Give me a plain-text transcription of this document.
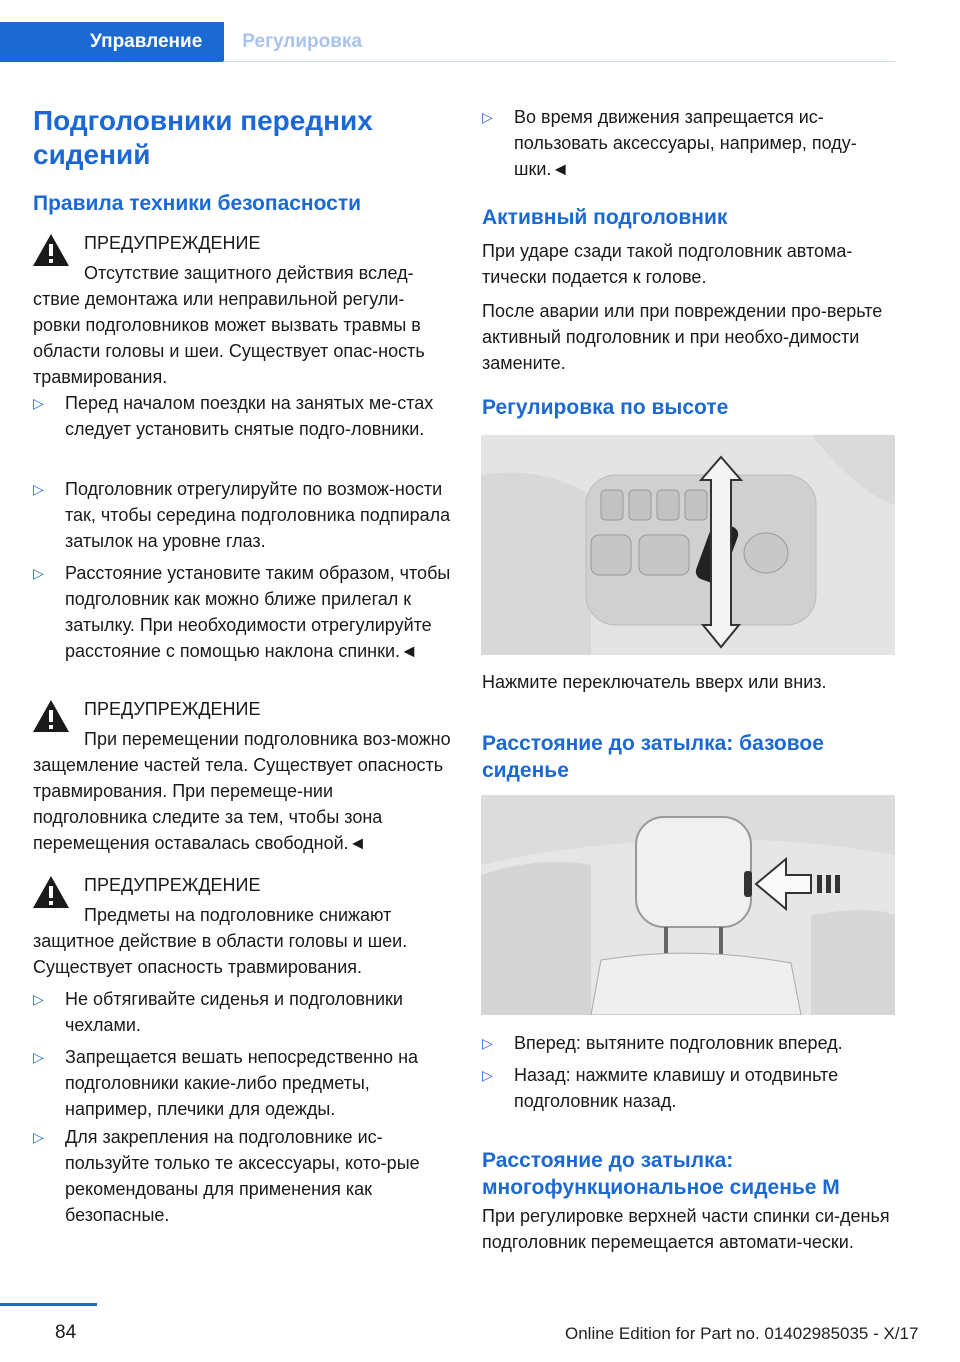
Управление	Регулировка
Подголовники передних сидений
Правила техники безопасности
ПРЕДУПРЕЖДЕНИЕ
Отсутствие защитного действия вслед-ствие демонтажа или неправильной регули-ровки подголовников может вызвать травмы в области головы и шеи. Существует опас-ность травмирования.
▷ Перед началом поездки на занятых ме-стах следует установить снятые подго-ловники.
▷ Подголовник отрегулируйте по возмож-ности так, чтобы середина подголовника подпирала затылок на уровне глаз.
▷ Расстояние установите таким образом, чтобы подголовник как можно ближе прилегал к затылку. При необходимости отрегулируйте расстояние с помощью наклона спинки.◄
ПРЕДУПРЕЖДЕНИЕ
При перемещении подголовника воз-можно защемление частей тела. Существует опасность травмирования. При перемеще-нии подголовника следите за тем, чтобы зона перемещения оставалась свободной.◄
ПРЕДУПРЕЖДЕНИЕ
Предметы на подголовнике снижают защитное действие в области головы и шеи. Существует опасность травмирования.
▷ Не обтягивайте сиденья и подголовники чехлами.
▷ Запрещается вешать непосредственно на подголовники какие-либо предметы, например, плечики для одежды.
▷ Для закрепления на подголовнике ис-пользуйте только те аксессуары, кото-рые рекомендованы для применения как безопасные.
▷ Во время движения запрещается ис-пользовать аксессуары, например, поду-шки.◄
Активный подголовник
При ударе сзади такой подголовник автома-тически подается к голове.
После аварии или при повреждении про-верьте активный подголовник и при необхо-димости замените.
Регулировка по высоте
Нажмите переключатель вверх или вниз.
Расстояние до затылка: базовое сиденье
▷ Вперед: вытяните подголовник вперед.
▷ Назад: нажмите клавишу и отодвиньте подголовник назад.
Расстояние до затылка: многофункциональное сиденье М
При регулировке верхней части спинки си-денья подголовник перемещается автомати-чески.
84	Online Edition for Part no. 01402985035 - X/17
